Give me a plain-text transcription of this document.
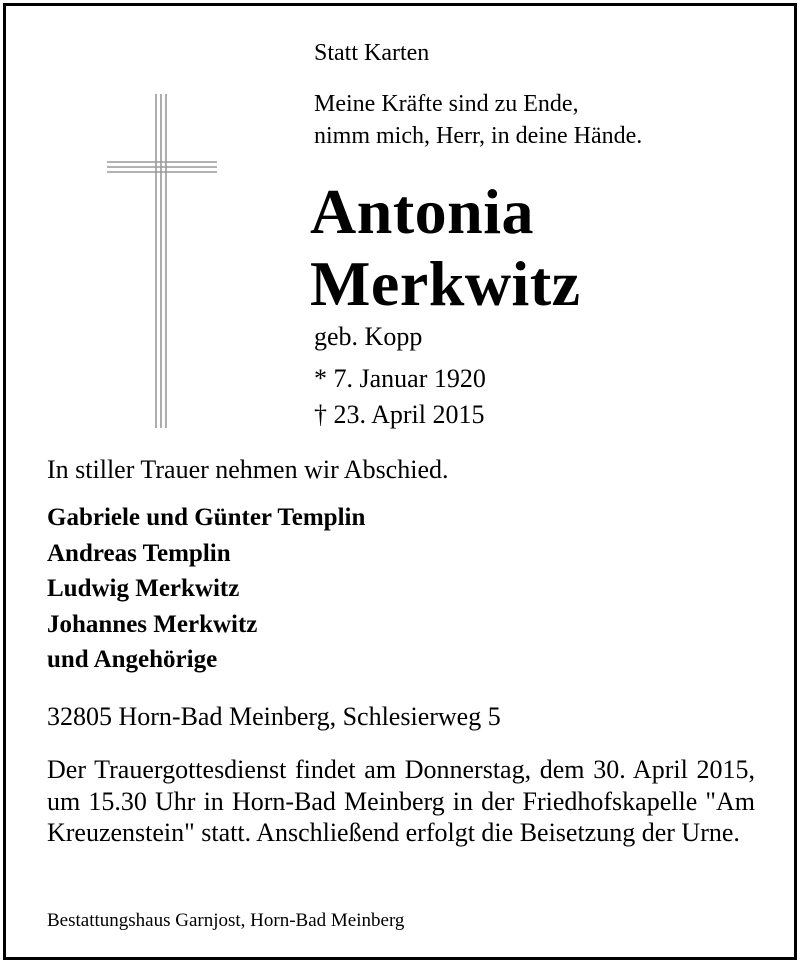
Statt Karten
Meine Kräfte sind zu Ende,
nimm mich, Herr, in deine Hände.
Antonia
Merkwitz
geb. Kopp
* 7. Januar 1920
† 23. April 2015
In stiller Trauer nehmen wir Abschied.
Gabriele und Günter Templin
Andreas Templin
Ludwig Merkwitz
Johannes Merkwitz
und Angehörige
32805 Horn-Bad Meinberg, Schlesierweg 5
Der Trauergottesdienst findet am Donnerstag, dem 30. April 2015, um 15.30 Uhr in Horn-Bad Meinberg in der Friedhofskapelle "Am Kreuzenstein" statt. Anschließend erfolgt die Beisetzung der Urne.
Bestattungshaus Garnjost, Horn-Bad Meinberg
